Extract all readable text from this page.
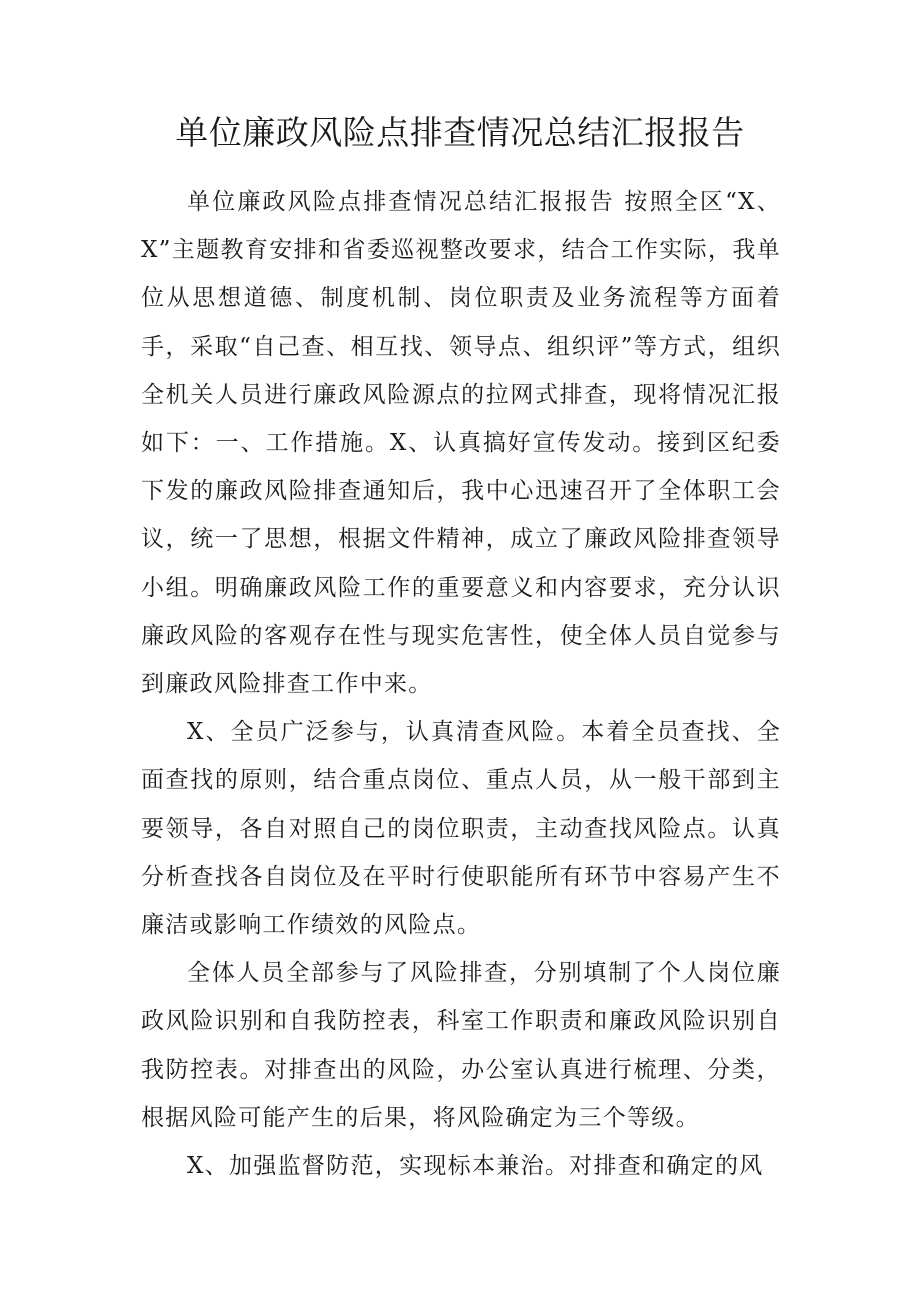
单位廉政风险点排查情况总结汇报报告

单位廉政风险点排查情况总结汇报报告 按照全区“X、X”主题教育安排和省委巡视整改要求，结合工作实际，我单位从思想道德、制度机制、岗位职责及业务流程等方面着手，采取“自己查、相互找、领导点、组织评”等方式，组织全机关人员进行廉政风险源点的拉网式排查，现将情况汇报如下：一、工作措施。X、认真搞好宣传发动。接到区纪委下发的廉政风险排查通知后，我中心迅速召开了全体职工会议，统一了思想，根据文件精神，成立了廉政风险排查领导小组。明确廉政风险工作的重要意义和内容要求，充分认识廉政风险的客观存在性与现实危害性，使全体人员自觉参与到廉政风险排查工作中来。

X、全员广泛参与，认真清查风险。本着全员查找、全面查找的原则，结合重点岗位、重点人员，从一般干部到主要领导，各自对照自己的岗位职责，主动查找风险点。认真分析查找各自岗位及在平时行使职能所有环节中容易产生不廉洁或影响工作绩效的风险点。

全体人员全部参与了风险排查，分别填制了个人岗位廉政风险识别和自我防控表，科室工作职责和廉政风险识别自我防控表。对排查出的风险，办公室认真进行梳理、分类，根据风险可能产生的后果，将风险确定为三个等级。

X、加强监督防范，实现标本兼治。对排查和确定的风
